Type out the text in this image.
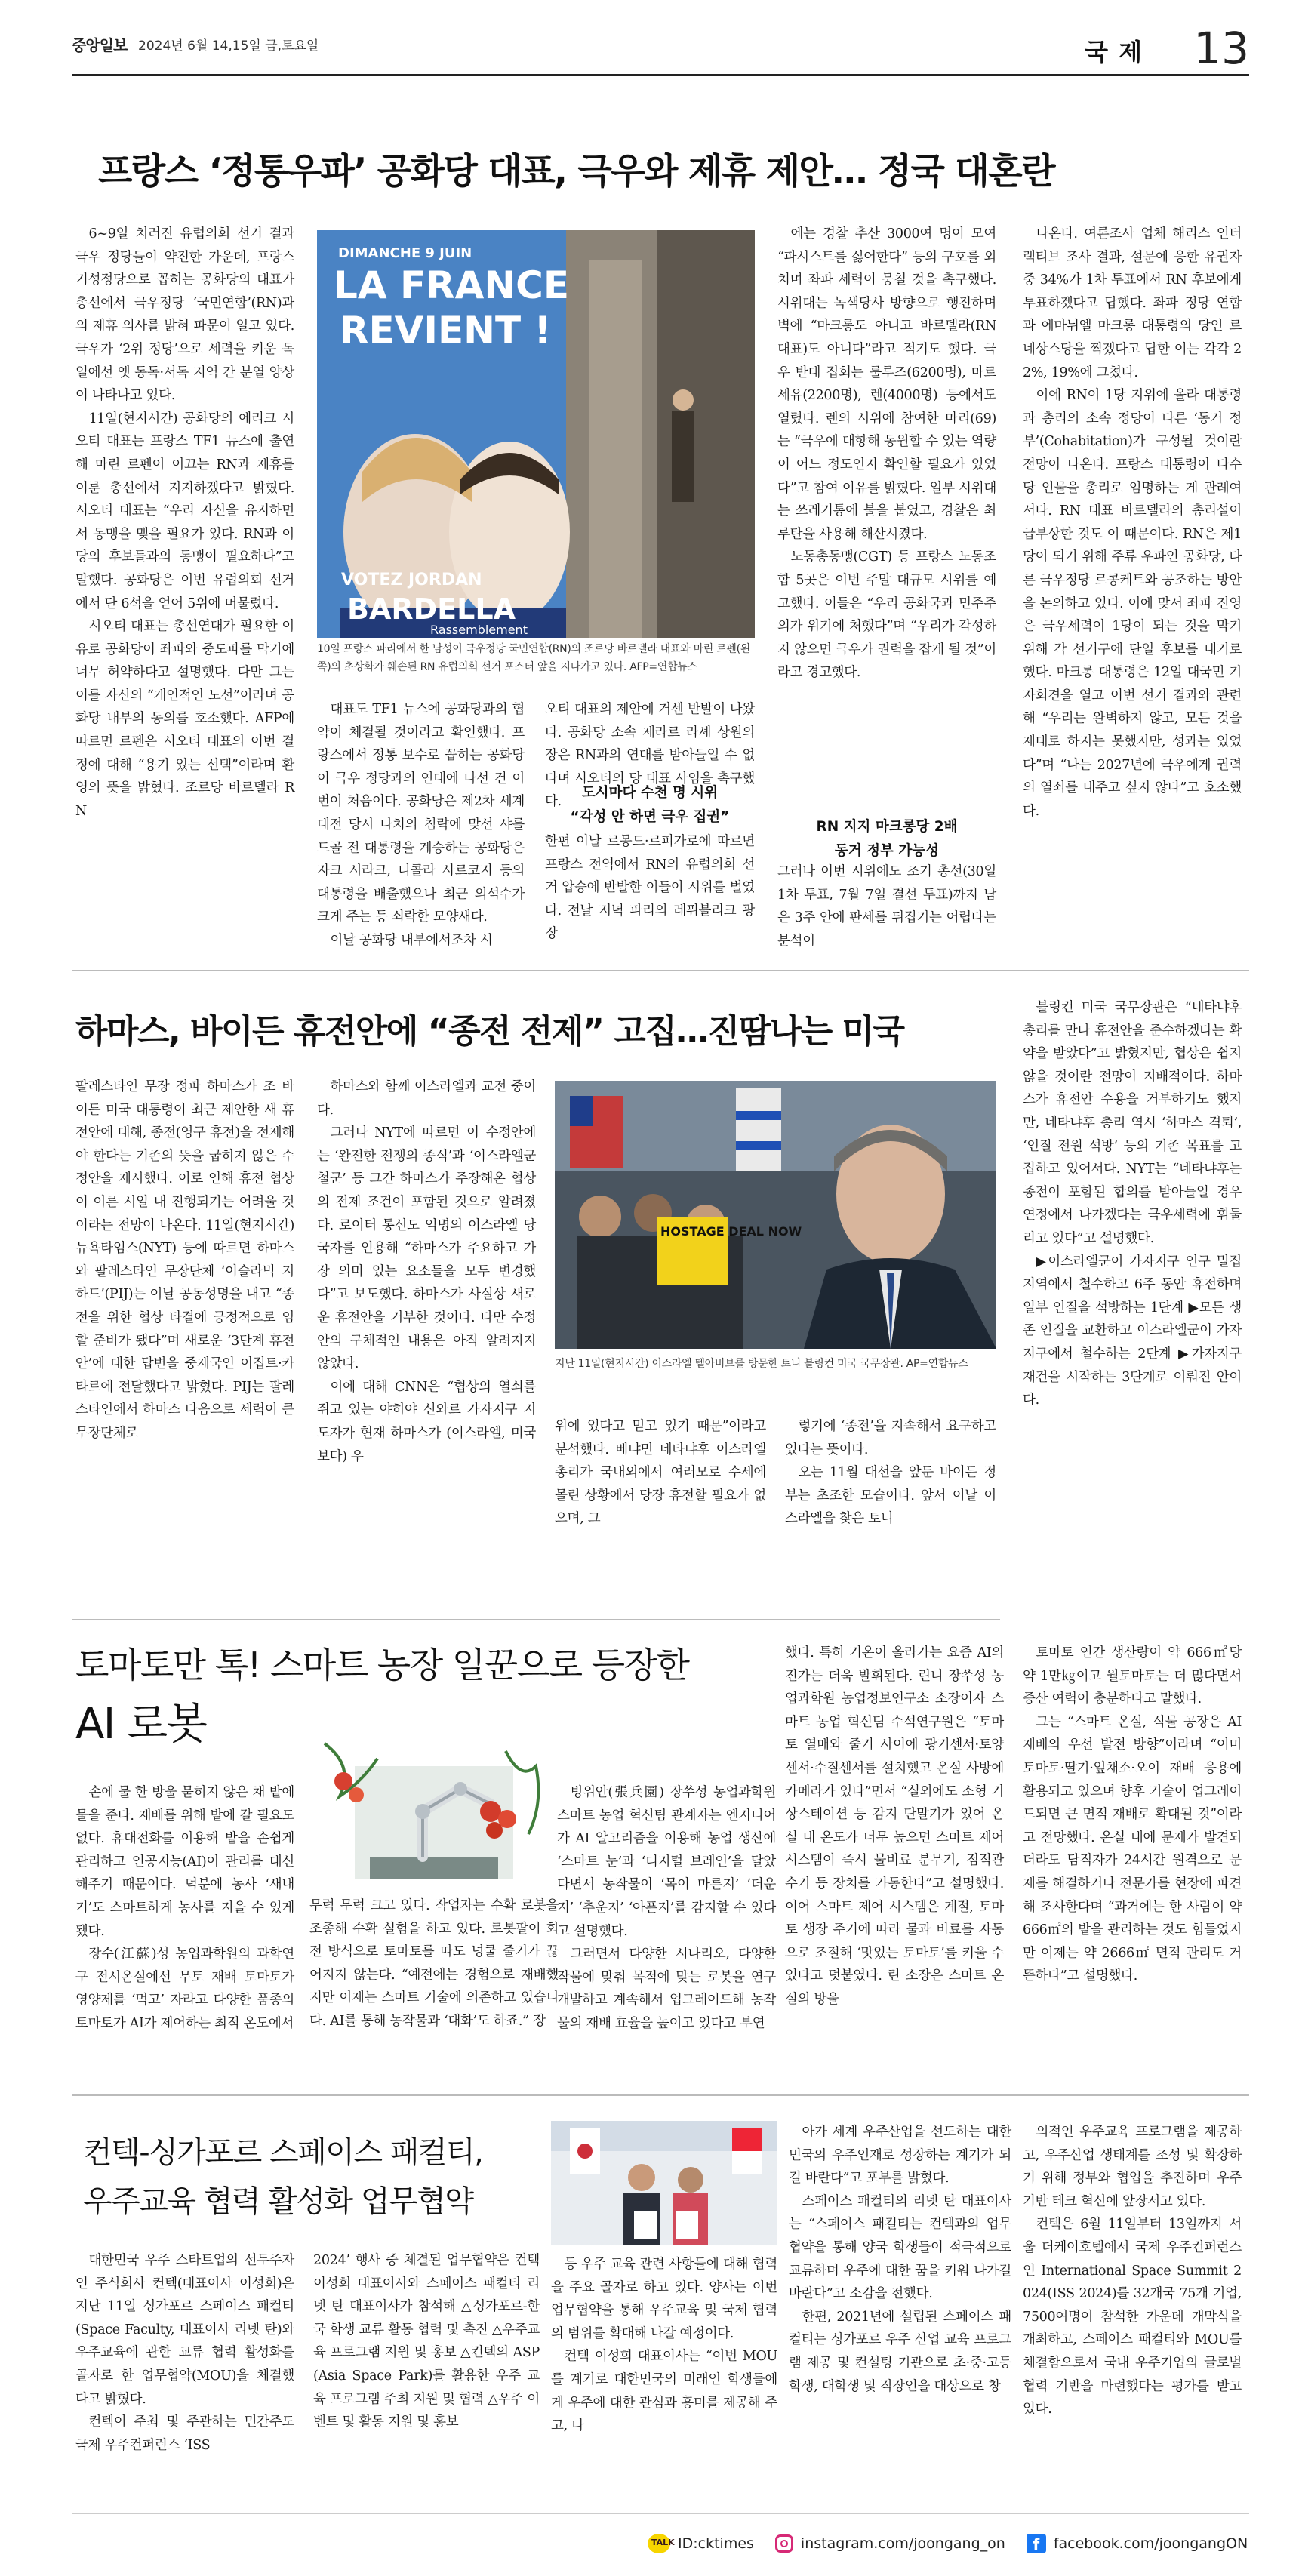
중앙일보 2024년 6월 14,15일 금,토요일	국제 13
프랑스 ‘정통우파’ 공화당 대표, 극우와 제휴 제안… 정국 대혼란

6~9일 치러진 유럽의회 선거 결과 극우 정당들이 약진한 가운데, 프랑스 기성정당으로 꼽히는 공화당의 대표가 총선에서 극우정당 ‘국민연합’(RN)과의 제휴 의사를 밝혀 파문이 일고 있다. 극우가 ‘2위 정당’으로 세력을 키운 독일에선 옛 동독·서독 지역 간 분열 양상이 나타나고 있다.

11일(현지시간) 공화당의 에리크 시오티 대표는 프랑스 TF1 뉴스에 출연해 마린 르펜이 이끄는 RN과 제휴를 이룬 총선에서 지지하겠다고 밝혔다. 시오티 대표는 “우리 자신을 유지하면서 동맹을 맺을 필요가 있다. RN과 이 당의 후보들과의 동맹이 필요하다”고 말했다. 공화당은 이번 유럽의회 선거에서 단 6석을 얻어 5위에 머물렀다.

시오티 대표는 총선연대가 필요한 이유로 공화당이 좌파와 중도파를 막기에 너무 허약하다고 설명했다. 다만 그는 이를 자신의 “개인적인 노선”이라며 공화당 내부의 동의를 호소했다. AFP에 따르면 르펜은 시오티 대표의 이번 결정에 대해 “용기 있는 선택”이라며 환영의 뜻을 밝혔다. 조르당 바르델라 RN

DIMANCHE 9 JUIN
LA FRANCE
REVIENT !
VOTEZ JORDAN
BARDELLA
Rassemblement
10일 프랑스 파리에서 한 남성이 극우정당 국민연합(RN)의 조르당 바르델라 대표와 마린 르펜(왼쪽)의 초상화가 훼손된 RN 유럽의회 선거 포스터 앞을 지나가고 있다. AFP=연합뉴스

대표도 TF1 뉴스에 공화당과의 협약이 체결될 것이라고 확인했다. 프랑스에서 정통 보수로 꼽히는 공화당이 극우 정당과의 연대에 나선 건 이번이 처음이다. 공화당은 제2차 세계 대전 당시 나치의 침략에 맞선 샤를드골 전 대통령을 계승하는 공화당은 자크 시라크, 니콜라 사르코지 등의 대통령을 배출했으나 최근 의석수가 크게 주는 등 쇠락한 모양새다.

이날 공화당 내부에서조차 시

오티 대표의 제안에 거센 반발이 나왔다. 공화당 소속 제라르 라셰 상원의장은 RN과의 연대를 받아들일 수 없다며 시오티의 당 대표 사임을 촉구했다.
도시마다 수천 명 시위
“각성 안 하면 극우 집권”
한편 이날 르몽드·르피가로에 따르면 프랑스 전역에서 RN의 유럽의회 선거 압승에 반발한 이들이 시위를 벌였다. 전날 저녁 파리의 레퓌블리크 광장

에는 경찰 추산 3000여 명이 모여 “파시스트를 싫어한다” 등의 구호를 외치며 좌파 세력이 뭉칠 것을 촉구했다. 시위대는 녹색당사 방향으로 행진하며 벽에 “마크롱도 아니고 바르델라(RN 대표)도 아니다”라고 적기도 했다. 극우 반대 집회는 룰루즈(6200명), 마르세유(2200명), 렌(4000명) 등에서도 열렸다. 렌의 시위에 참여한 마리(69)는 “극우에 대항해 동원할 수 있는 역량이 어느 정도인지 확인할 필요가 있었다”고 참여 이유를 밝혔다. 일부 시위대는 쓰레기통에 불을 붙였고, 경찰은 최루탄을 사용해 해산시켰다.

노동총동맹(CGT) 등 프랑스 노동조합 5곳은 이번 주말 대규모 시위를 예고했다. 이들은 “우리 공화국과 민주주의가 위기에 처했다”며 “우리가 각성하지 않으면 극우가 권력을 잡게 될 것”이라고 경고했다.

RN 지지 마크롱당 2배
동거 정부 가능성
그러나 이번 시위에도 조기 총선(30일 1차 투표, 7월 7일 결선 투표)까지 남은 3주 안에 판세를 뒤집기는 어렵다는 분석이

나온다. 여론조사 업체 해리스 인터랙티브 조사 결과, 설문에 응한 유권자 중 34%가 1차 투표에서 RN 후보에게 투표하겠다고 답했다. 좌파 정당 연합과 에마뉘엘 마크롱 대통령의 당인 르네상스당을 찍겠다고 답한 이는 각각 22%, 19%에 그쳤다.

이에 RN이 1당 지위에 올라 대통령과 총리의 소속 정당이 다른 ‘동거 정부’(Cohabitation)가 구성될 것이란 전망이 나온다. 프랑스 대통령이 다수당 인물을 총리로 임명하는 게 관례여서다. RN 대표 바르델라의 총리설이 급부상한 것도 이 때문이다. RN은 제1당이 되기 위해 주류 우파인 공화당, 다른 극우정당 르콩케트와 공조하는 방안을 논의하고 있다. 이에 맞서 좌파 진영은 극우세력이 1당이 되는 것을 막기 위해 각 선거구에 단일 후보를 내기로 했다. 마크롱 대통령은 12일 대국민 기자회견을 열고 이번 선거 결과와 관련해 “우리는 완벽하지 않고, 모든 것을 제대로 하지는 못했지만, 성과는 있었다”며 “나는 2027년에 극우에게 권력의 열쇠를 내주고 싶지 않다”고 호소했다.

하마스, 바이든 휴전안에 “종전 전제” 고집…진땀나는 미국
팔레스타인 무장 정파 하마스가 조 바이든 미국 대통령이 최근 제안한 새 휴전안에 대해, 종전(영구 휴전)을 전제해야 한다는 기존의 뜻을 굽히지 않은 수정안을 제시했다. 이로 인해 휴전 협상이 이른 시일 내 진행되기는 어려울 것이라는 전망이 나온다. 11일(현지시간) 뉴욕타임스(NYT) 등에 따르면 하마스와 팔레스타인 무장단체 ‘이슬라믹 지하드’(PIJ)는 이날 공동성명을 내고 “종전을 위한 협상 타결에 긍정적으로 임할 준비가 됐다”며 새로운 ‘3단계 휴전안’에 대한 답변을 중재국인 이집트·카타르에 전달했다고 밝혔다. PIJ는 팔레스타인에서 하마스 다음으로 세력이 큰 무장단체로

하마스와 함께 이스라엘과 교전 중이다.

그러나 NYT에 따르면 이 수정안에는 ‘완전한 전쟁의 종식’과 ‘이스라엘군 철군’ 등 그간 하마스가 주장해온 협상의 전제 조건이 포함된 것으로 알려졌다. 로이터 통신도 익명의 이스라엘 당국자를 인용해 “하마스가 주요하고 가장 의미 있는 요소들을 모두 변경했다”고 보도했다. 하마스가 사실상 새로운 휴전안을 거부한 것이다. 다만 수정안의 구체적인 내용은 아직 알려지지 않았다.

이에 대해 CNN은 “협상의 열쇠를 쥐고 있는 야히야 신와르 가자지구 지도자가 현재 하마스가 (이스라엘, 미국보다) 우

HOSTAGE DEAL NOW
지난 11일(현지시간) 이스라엘 텔아비브를 방문한 토니 블링컨 미국 국무장관. AP=연합뉴스
위에 있다고 믿고 있기 때문”이라고 분석했다. 베냐민 네타냐후 이스라엘 총리가 국내외에서 여러모로 수세에 몰린 상황에서 당장 휴전할 필요가 없으며, 그

렇기에 ‘종전’을 지속해서 요구하고 있다는 뜻이다.

오는 11월 대선을 앞둔 바이든 정부는 초조한 모습이다. 앞서 이날 이스라엘을 찾은 토니

블링컨 미국 국무장관은 “네타냐후 총리를 만나 휴전안을 준수하겠다는 확약을 받았다”고 밝혔지만, 협상은 쉽지 않을 것이란 전망이 지배적이다. 하마스가 휴전안 수용을 거부하기도 했지만, 네타냐후 총리 역시 ‘하마스 격퇴’, ‘인질 전원 석방’ 등의 기존 목표를 고집하고 있어서다. NYT는 “네타냐후는 종전이 포함된 합의를 받아들일 경우 연정에서 나가겠다는 극우세력에 휘둘리고 있다”고 설명했다.

▶이스라엘군이 가자지구 인구 밀집지역에서 철수하고 6주 동안 휴전하며 일부 인질을 석방하는 1단계 ▶모든 생존 인질을 교환하고 이스라엘군이 가자지구에서 철수하는 2단계 ▶가자지구 재건을 시작하는 3단계로 이뤄진 안이다.

토마토만 톡! 스마트 농장 일꾼으로 등장한
AI 로봇

손에 물 한 방울 묻히지 않은 채 밭에 물을 준다. 재배를 위해 밭에 갈 필요도 없다. 휴대전화를 이용해 밭을 손쉽게 관리하고 인공지능(AI)이 관리를 대신해주기 때문이다. 덕분에 농사 ‘새내기’도 스마트하게 농사를 지을 수 있게 됐다.

장수(江蘇)성 농업과학원의 과학연구 전시온실에선 무토 재배 토마토가 영양제를 ‘먹고’ 자라고 다양한 품종의 토마토가 AI가 제어하는 최적 온도에서

무럭 무럭 크고 있다. 작업자는 수확 로봇을 조종해 수확 실험을 하고 있다. 로봇팔이 회전 방식으로 토마토를 따도 넝쿨 줄기가 끊어지지 않는다. “예전에는 경험으로 재배했지만 이제는 스마트 기술에 의존하고 있습니다. AI를 통해 농작물과 ‘대화’도 하죠.” 장

빙위안(張兵園) 장쑤성 농업과학원 스마트 농업 혁신팀 관계자는 엔지니어가 AI 알고리즘을 이용해 농업 생산에 ‘스마트 눈’과 ‘디지털 브레인’을 달았다면서 농작물이 ‘목이 마른지’ ‘더운지’ ‘추운지’ ‘아픈지’를 감지할 수 있다고 설명했다.

그러면서 다양한 시나리오, 다양한 작물에 맞춰 목적에 맞는 로봇을 연구개발하고 계속해서 업그레이드해 농작물의 재배 효율을 높이고 있다고 부연

했다. 특히 기온이 올라가는 요즘 AI의 진가는 더욱 발휘된다. 린니 장쑤성 농업과학원 농업정보연구소 소장이자 스마트 농업 혁신팀 수석연구원은 “토마토 열매와 줄기 사이에 광기센서·토양센서·수질센서를 설치했고 온실 사방에 카메라가 있다”면서 “실외에도 소형 기상스테이션 등 감지 단말기가 있어 온실 내 온도가 너무 높으면 스마트 제어 시스템이 즉시 물비료 분무기, 점적관수기 등 장치를 가동한다”고 설명했다. 이어 스마트 제어 시스템은 계절, 토마토 생장 주기에 따라 물과 비료를 자동으로 조절해 ‘맛있는 토마토’를 키울 수 있다고 덧붙였다. 린 소장은 스마트 온실의 방울

토마토 연간 생산량이 약 666㎡당 약 1만㎏이고 월토마토는 더 많다면서 증산 여력이 충분하다고 말했다.

그는 “스마트 온실, 식물 공장은 AI 재배의 우선 발전 방향”이라며 “이미 토마토·딸기·잎채소·오이 재배 응용에 활용되고 있으며 향후 기술이 업그레이드되면 큰 면적 재배로 확대될 것”이라고 전망했다. 온실 내에 문제가 발견되더라도 담직자가 24시간 원격으로 문제를 해결하거나 전문가를 현장에 파견해 조사한다며 “과거에는 한 사람이 약 666㎡의 밭을 관리하는 것도 힘들었지만 이제는 약 2666㎡ 면적 관리도 거뜬하다”고 설명했다.

컨텍-싱가포르 스페이스 패컬티,
우주교육 협력 활성화 업무협약

대한민국 우주 스타트업의 선두주자인 주식회사 컨텍(대표이사 이성희)은 지난 11일 싱가포르 스페이스 패컬티(Space Faculty, 대표이사 리넷 탄)와 우주교육에 관한 교류 협력 활성화를 골자로 한 업무협약(MOU)을 체결했다고 밝혔다.

컨텍이 주최 및 주관하는 민간주도 국제 우주컨퍼런스 ‘ISS

2024’ 행사 중 체결된 업무협약은 컨텍 이성희 대표이사와 스페이스 패컬티 리넷 탄 대표이사가 참석해 △싱가포르-한국 학생 교류 활동 협력 및 촉진 △우주교육 프로그램 지원 및 홍보 △컨텍의 ASP(Asia Space Park)를 활용한 우주 교육 프로그램 주최 지원 및 협력 △우주 이벤트 및 활동 지원 및 홍보

등 우주 교육 관련 사항들에 대해 협력을 주요 골자로 하고 있다. 양사는 이번 업무협약을 통해 우주교육 및 국제 협력의 범위를 확대해 나갈 예정이다.

컨텍 이성희 대표이사는 “이번 MOU를 계기로 대한민국의 미래인 학생들에게 우주에 대한 관심과 흥미를 제공해 주고, 나

아가 세계 우주산업을 선도하는 대한민국의 우주인재로 성장하는 계기가 되길 바란다”고 포부를 밝혔다.

스페이스 패컬티의 리넷 탄 대표이사는 “스페이스 패컬티는 컨텍과의 업무협약을 통해 양국 학생들이 적극적으로 교류하며 우주에 대한 꿈을 키워 나가길 바란다”고 소감을 전했다.

한편, 2021년에 설립된 스페이스 패컬티는 싱가포르 우주 산업 교육 프로그램 제공 및 컨설팅 기관으로 초·중·고등학생, 대학생 및 직장인을 대상으로 창

의적인 우주교육 프로그램을 제공하고, 우주산업 생태계를 조성 및 확장하기 위해 정부와 협업을 추진하며 우주 기반 테크 혁신에 앞장서고 있다.

컨텍은 6월 11일부터 13일까지 서울 더케이호텔에서 국제 우주컨퍼런스인 International Space Summit 2024(ISS 2024)를 32개국 75개 기업, 7500여명이 참석한 가운데 개막식을 개최하고, 스페이스 패컬티와 MOU를 체결함으로서 국내 우주기업의 글로벌 협력 기반을 마련했다는 평가를 받고 있다.

TALK ID:cktimes	instagram.com/joongang_on	f facebook.com/joongangON
